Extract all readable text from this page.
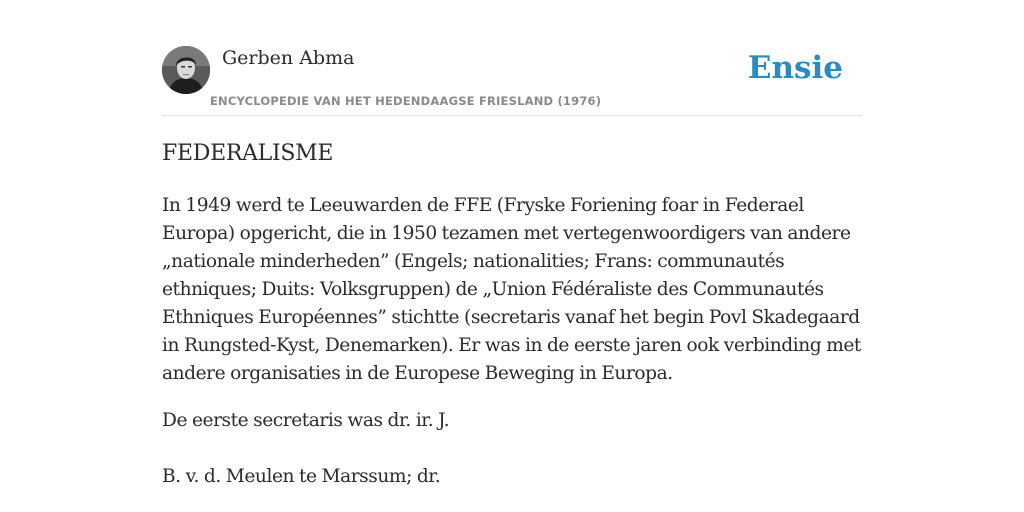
Gerben Abma
ENCYCLOPEDIE VAN HET HEDENDAAGSE FRIESLAND (1976)
Ensie
FEDERALISME

In 1949 werd te Leeuwarden de FFE (Fryske Foriening foar in Federael Europa) opgericht, die in 1950 tezamen met vertegenwoordigers van andere „nationale minderheden” (Engels; nationalities; Frans: communautés ethniques; Duits: Volksgruppen) de „Union Fédéraliste des Communautés Ethniques Européennes” stichtte (secretaris vanaf het begin Povl Skadegaard in Rungsted-Kyst, Denemarken). Er was in de eerste jaren ook verbinding met andere organisaties in de Europese Beweging in Europa.

De eerste secretaris was dr. ir. J.

B. v. d. Meulen te Marssum; dr.
